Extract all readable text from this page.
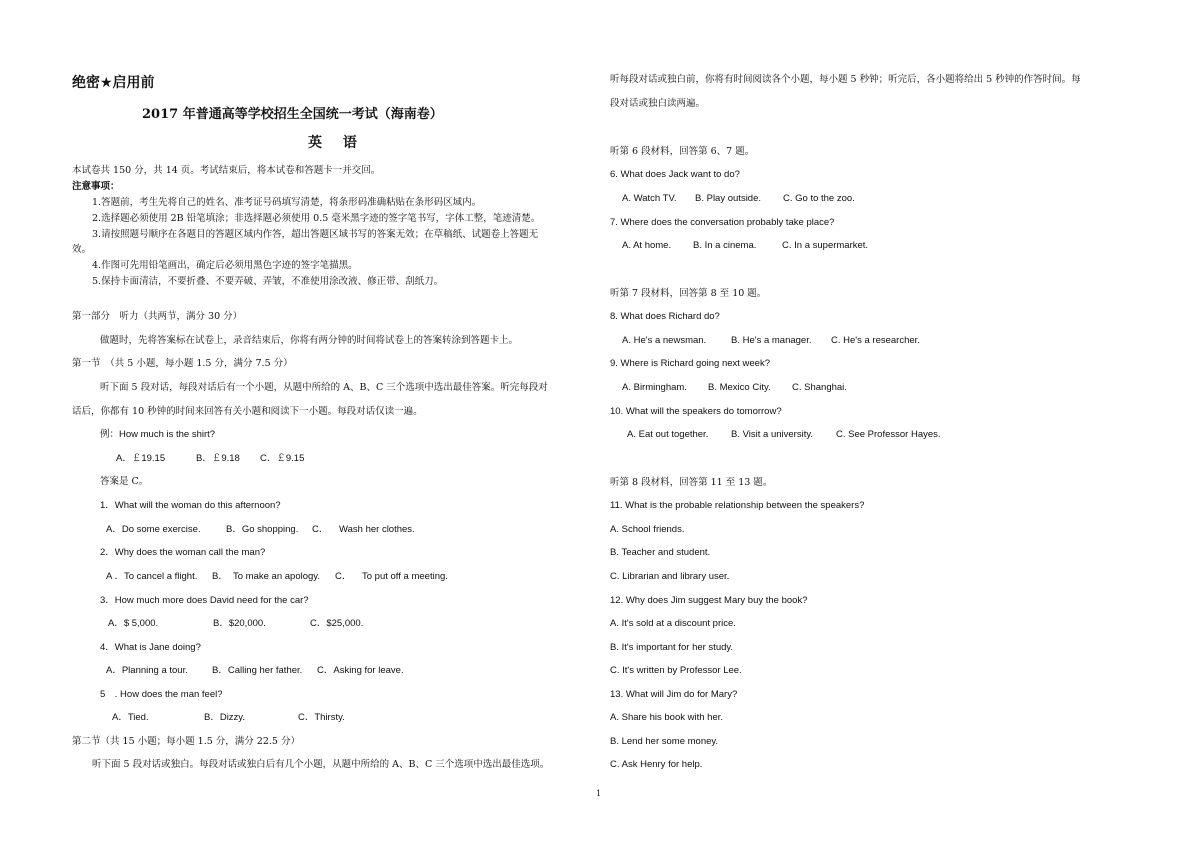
绝密★启用前
2017 年普通高等学校招生全国统一考试（海南卷）
英 语
本试卷共 150 分，共 14 页。考试结束后，将本试卷和答题卡一并交回。
注意事项：
1.答题前，考生先将自己的姓名、准考证号码填写清楚，将条形码准确粘贴在条形码区域内。
2.选择题必须使用 2B 铅笔填涂；非选择题必须使用 0.5 毫米黑字迹的签字笔书写，字体工整，笔迹清楚。
3.请按照题号顺序在各题目的答题区域内作答，超出答题区域书写的答案无效；在草稿纸、试题卷上答题无
效。
4.作图可先用铅笔画出，确定后必须用黑色字迹的签字笔描黑。
5.保持卡面清洁，不要折叠、不要弄破、弄皱，不准使用涂改液、修正带、刮纸刀。
第一部分　听力（共两节，满分 30 分）
做题时，先将答案标在试卷上，录音结束后，你将有两分钟的时间将试卷上的答案转涂到答题卡上。
第一节　（共 5 小题，每小题 1.5 分，满分 7.5 分）
听下面 5 段对话，每段对话后有一个小题，从题中所给的 A、B、C 三个选项中选出最佳答案。听完每段对
话后，你都有 10 秒钟的时间来回答有关小题和阅读下一小题。每段对话仅读一遍。
例：How much is the shirt?
A．￡19.15	B．￡9.18 C．￡9.15
答案是 C。
1．What will the woman do this afternoon?
A．Do some exercise.	B．Go shopping. C． Wash her clothes.
2．Why does the woman call the man?
A ．To cancel a flight. B． To make an apology. C． To put off a meeting.
3．How much more does David need for the car?
A．$ 5,000.	B．$20,000.	C．$25,000.
4．What is Jane doing?
A．Planning a tour.	B．Calling her father. C．Asking for leave.
5　. How does the man feel?
A．Tied.	B．Dizzy.	C．Thirsty.
第二节（共 15 小题；每小题 1.5 分，满分 22.5 分）
听下面 5 段对话或独白。每段对话或独白后有几个小题，从题中所给的 A、B、C 三个选项中选出最佳选项。
听每段对话或独白前，你将有时间阅读各个小题，每小题 5 秒钟；听完后，各小题将给出 5 秒钟的作答时间。每
段对话或独白读两遍。
听第 6 段材料，回答第 6、7 题。
6. What does Jack want to do?
A. Watch TV. B. Play outside. C. Go to the zoo.
7. Where does the conversation probably take place?
A. At home. B. In a cinema.	C. In a supermarket.
听第 7 段材料，回答第 8 至 10 题。
8. What does Richard do?
A. He's a newsman.	B. He's a manager. C. He's a researcher.
9. Where is Richard going next week?
A. Birmingham. B. Mexico City. C. Shanghai.
10. What will the speakers do tomorrow?
A. Eat out together. B. Visit a university. C. See Professor Hayes.
听第 8 段材料，回答第 11 至 13 题。
11. What is the probable relationship between the speakers?
A. School friends.
B. Teacher and student.
C. Librarian and library user.
12. Why does Jim suggest Mary buy the book?
A. It's sold at a discount price.
B. It's important for her study.
C. It's written by Professor Lee.
13. What will Jim do for Mary?
A. Share his book with her.
B. Lend her some money.
C. Ask Henry for help.
1
